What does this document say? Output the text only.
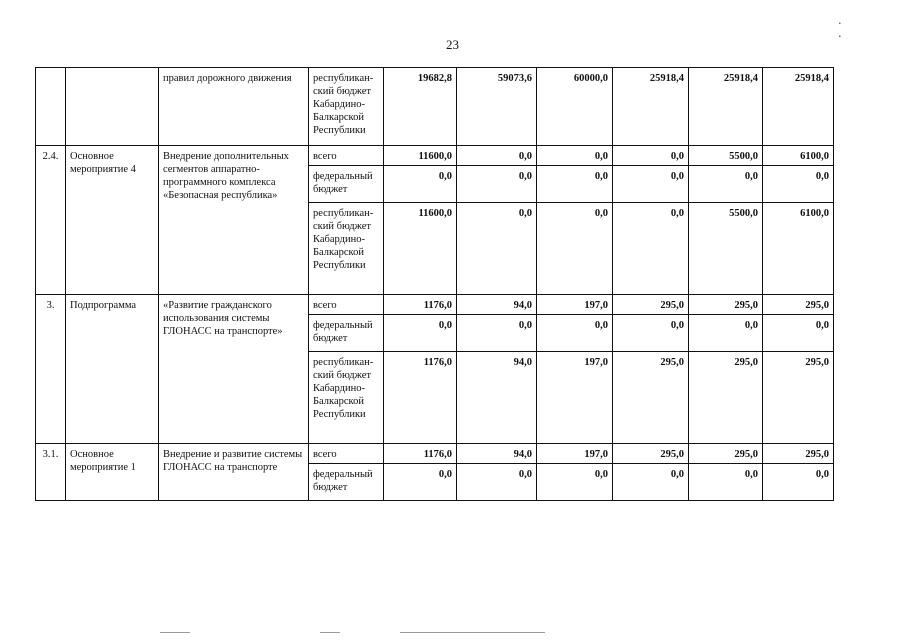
23
․ ․
		правил дорожного движения	республикан-ский бюджет Кабардино-Балкарской Республики	19682,8	59073,6	60000,0	25918,4	25918,4	25918,4
2.4.	Основное мероприятие 4	Внедрение дополнительных сегментов аппаратно-программного комплекса «Безопасная республика»	всего	11600,0	0,0	0,0	0,0	5500,0	6100,0
			федеральный бюджет	0,0	0,0	0,0	0,0	0,0	0,0
			республикан-ский бюджет Кабардино-Балкарской Республики	11600,0	0,0	0,0	0,0	5500,0	6100,0
3.	Подпрограмма	«Развитие гражданского использования системы ГЛОНАСС на транспорте»	всего	1176,0	94,0	197,0	295,0	295,0	295,0
			федеральный бюджет	0,0	0,0	0,0	0,0	0,0	0,0
			республикан-ский бюджет Кабардино-Балкарской Республики	1176,0	94,0	197,0	295,0	295,0	295,0
3.1.	Основное мероприятие 1	Внедрение и развитие системы ГЛОНАСС на транспорте	всего	1176,0	94,0	197,0	295,0	295,0	295,0
			федеральный бюджет	0,0	0,0	0,0	0,0	0,0	0,0
